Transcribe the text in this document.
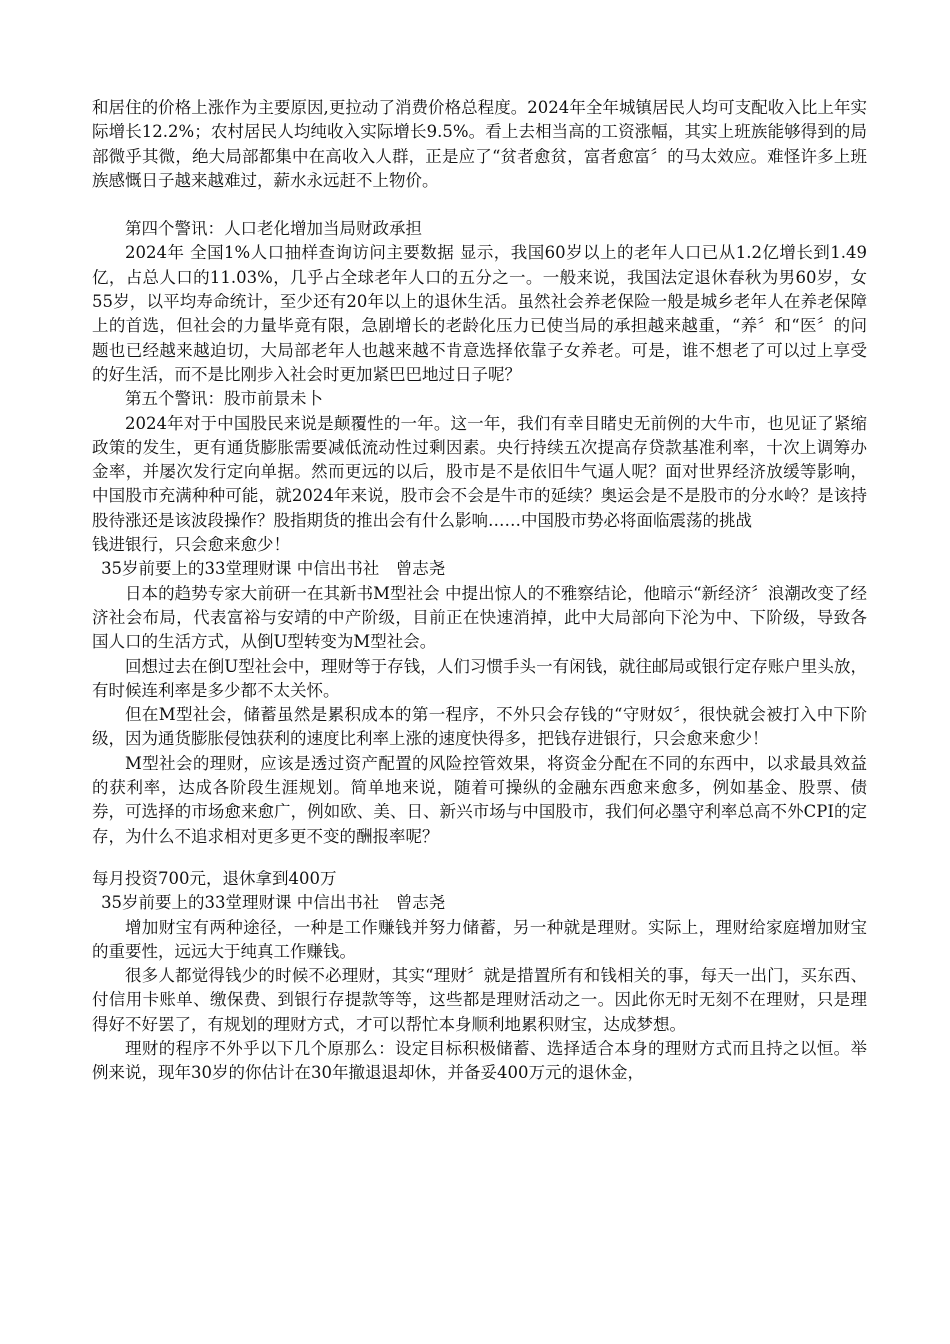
和居住的价格上涨作为主要原因,更拉动了消费价格总程度。2024年全年城镇居民人均可支配收入比上年实际增长12.2%；农村居民人均纯收入实际增长9.5%。看上去相当高的工资涨幅，其实上班族能够得到的局部微乎其微，绝大局部都集中在高收入人群，正是应了“贫者愈贫，富者愈富〞的马太效应。难怪许多上班族感慨日子越来越难过，薪水永远赶不上物价。

第四个警讯：人口老化增加当局财政承担

2024年 全国1%人口抽样查询访问主要数据 显示，我国60岁以上的老年人口已从1.2亿增长到1.49亿，占总人口的11.03%，几乎占全球老年人口的五分之一。一般来说，我国法定退休春秋为男60岁，女55岁，以平均寿命统计，至少还有20年以上的退休生活。虽然社会养老保险一般是城乡老年人在养老保障上的首选，但社会的力量毕竟有限，急剧增长的老龄化压力已使当局的承担越来越重，“养〞和“医〞的问题也已经越来越迫切，大局部老年人也越来越不肯意选择依靠子女养老。可是，谁不想老了可以过上享受的好生活，而不是比刚步入社会时更加紧巴巴地过日子呢？

第五个警讯：股市前景未卜

2024年对于中国股民来说是颠覆性的一年。这一年，我们有幸目睹史无前例的大牛市，也见证了紧缩政策的发生，更有通货膨胀需要减低流动性过剩因素。央行持续五次提高存贷款基准利率，十次上调筹办金率，并屡次发行定向单据。然而更远的以后，股市是不是依旧牛气逼人呢？面对世界经济放缓等影响，中国股市充满种种可能，就2024年来说，股市会不会是牛市的延续？奥运会是不是股市的分水岭？是该持股待涨还是该波段操作？股指期货的推出会有什么影响……中国股市势必将面临震荡的挑战

钱进银行，只会愈来愈少！

35岁前要上的33堂理财课 中信出书社　曾志尧

日本的趋势专家大前研一在其新书M型社会 中提出惊人的不雅察结论，他暗示“新经济〞浪潮改变了经济社会布局，代表富裕与安靖的中产阶级，目前正在快速消掉，此中大局部向下沦为中、下阶级，导致各国人口的生活方式，从倒U型转变为M型社会。

回想过去在倒U型社会中，理财等于存钱，人们习惯手头一有闲钱，就往邮局或银行定存账户里头放，有时候连利率是多少都不太关怀。

但在M型社会，储蓄虽然是累积成本的第一程序，不外只会存钱的“守财奴〞，很快就会被打入中下阶级，因为通货膨胀侵蚀获利的速度比利率上涨的速度快得多，把钱存进银行，只会愈来愈少！

M型社会的理财，应该是透过资产配置的风险控管效果，将资金分配在不同的东西中，以求最具效益的获利率，达成各阶段生涯规划。简单地来说，随着可操纵的金融东西愈来愈多，例如基金、股票、债券，可选择的市场愈来愈广，例如欧、美、日、新兴市场与中国股市，我们何必墨守利率总高不外CPI的定存，为什么不追求相对更多更不变的酬报率呢？

每月投资700元，退休拿到400万

35岁前要上的33堂理财课 中信出书社　曾志尧

增加财宝有两种途径，一种是工作赚钱并努力储蓄，另一种就是理财。实际上，理财给家庭增加财宝的重要性，远远大于纯真工作赚钱。

很多人都觉得钱少的时候不必理财，其实“理财〞就是措置所有和钱相关的事，每天一出门，买东西、付信用卡账单、缴保费、到银行存提款等等，这些都是理财活动之一。因此你无时无刻不在理财，只是理得好不好罢了，有规划的理财方式，才可以帮忙本身顺利地累积财宝，达成梦想。

理财的程序不外乎以下几个原那么：设定目标积极储蓄、选择适合本身的理财方式而且持之以恒。举例来说，现年30岁的你估计在30年撤退退却休，并备妥400万元的退休金，
